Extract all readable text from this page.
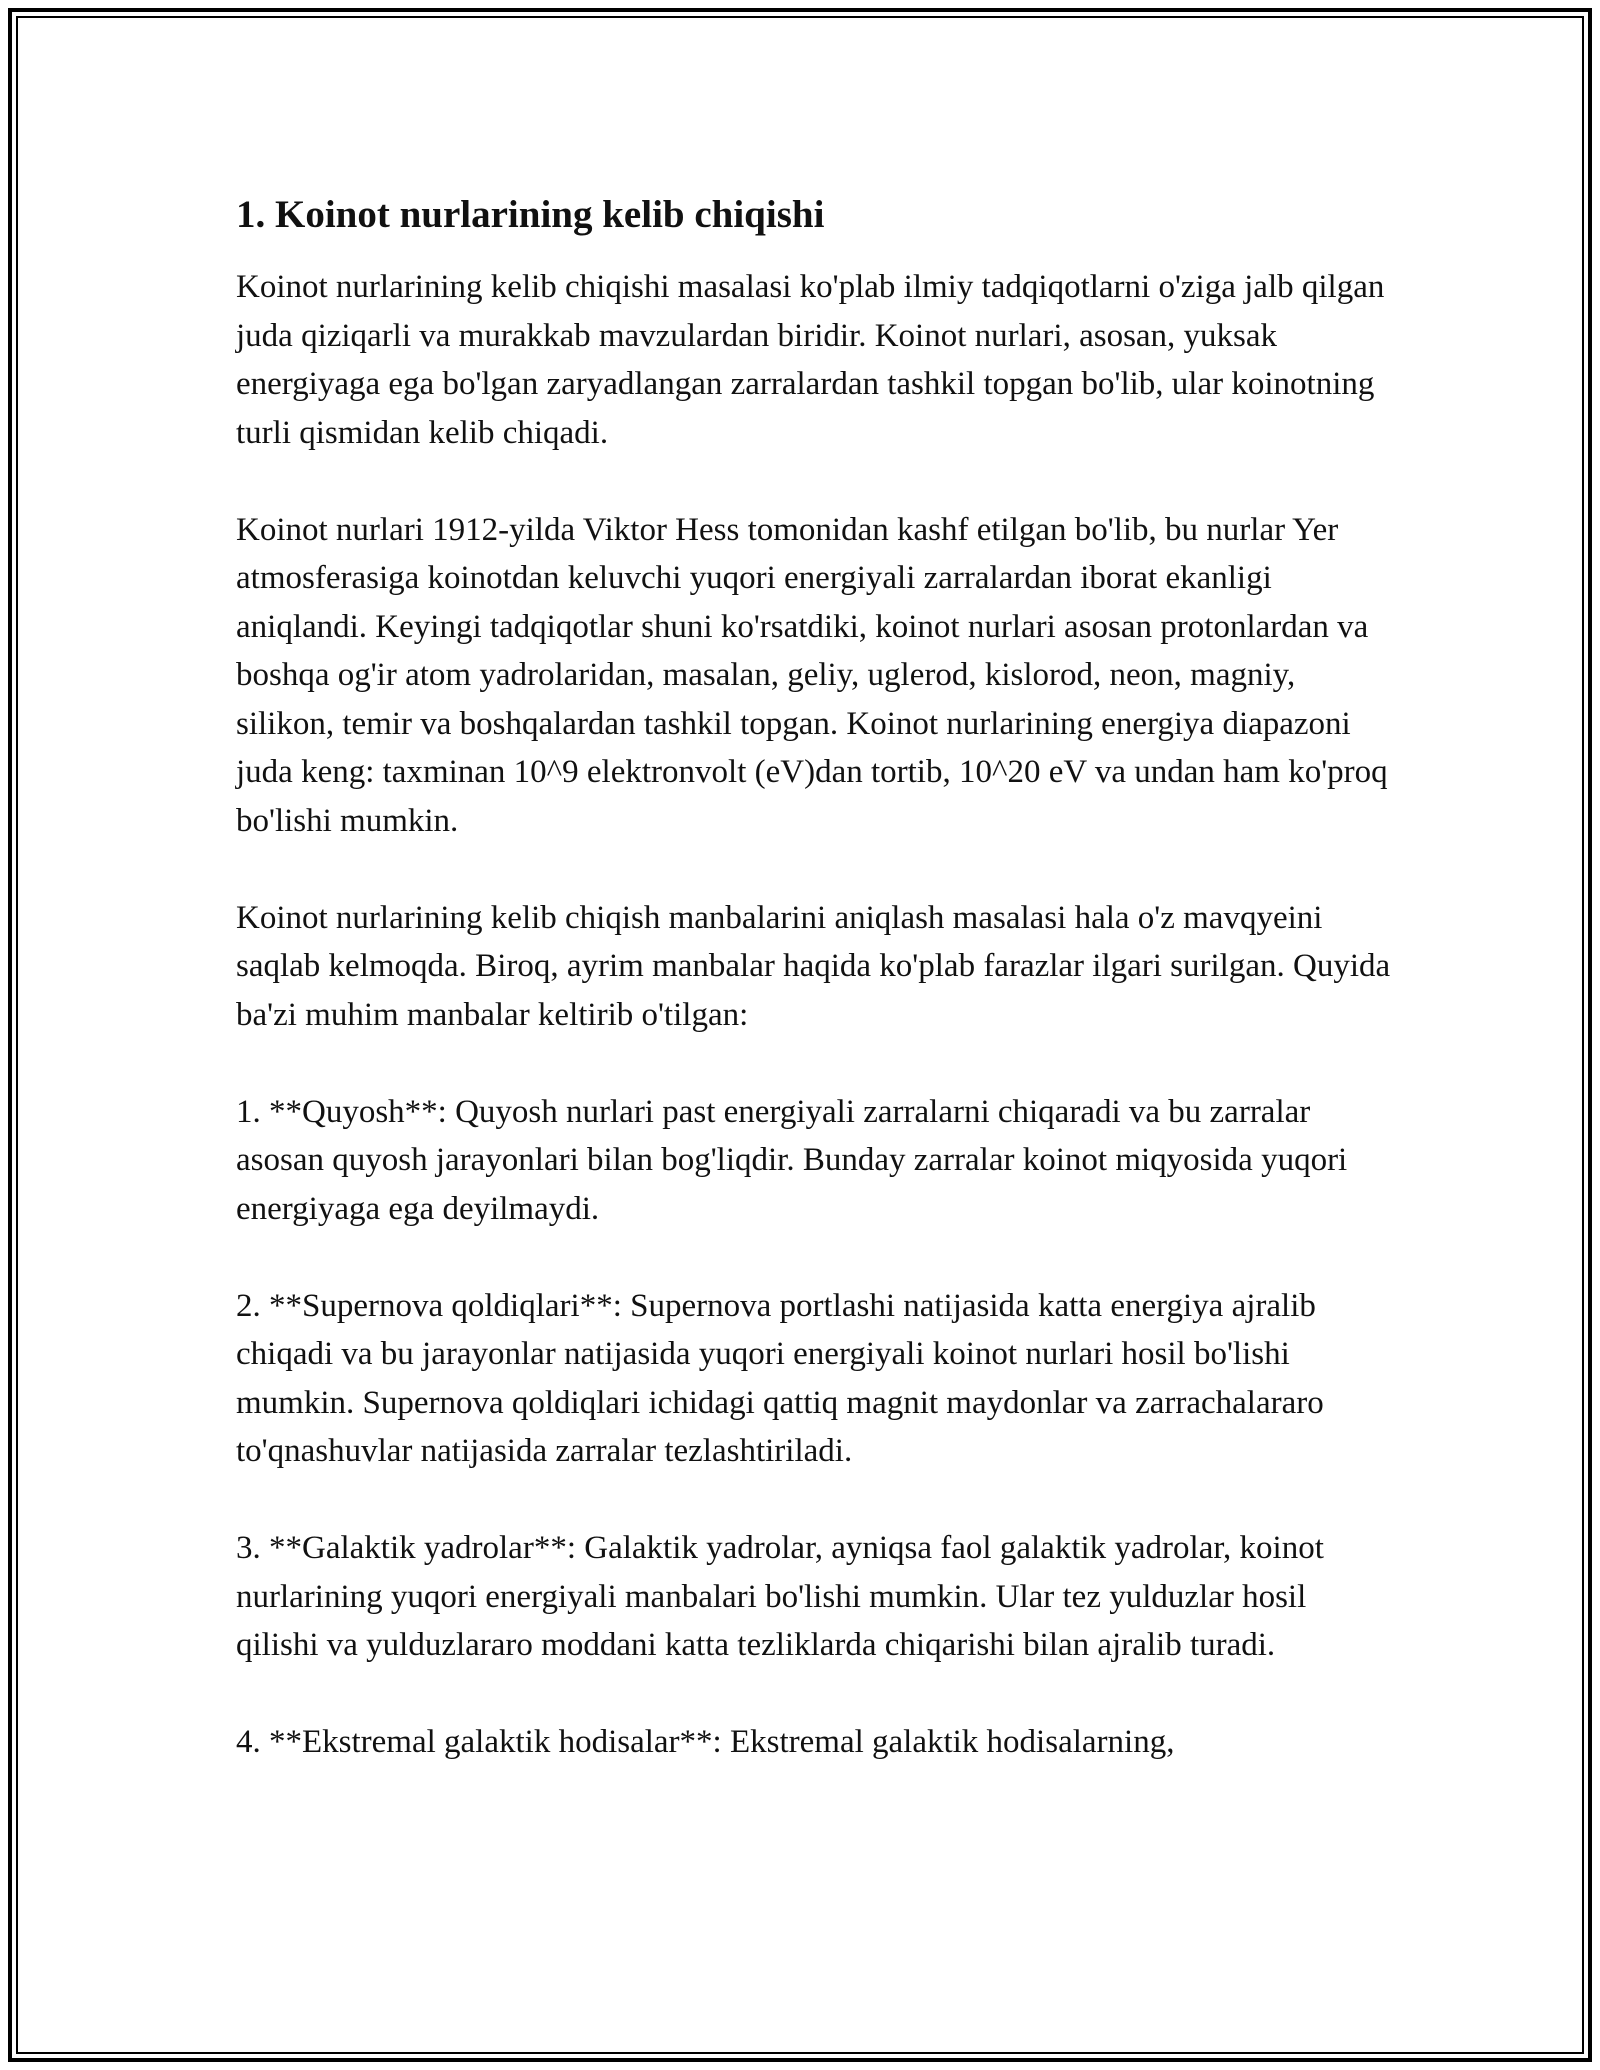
1. Koinot nurlarining kelib chiqishi

Koinot nurlarining kelib chiqishi masalasi ko'plab ilmiy tadqiqotlarni o'ziga jalb qilgan juda qiziqarli va murakkab mavzulardan biridir. Koinot nurlari, asosan, yuksak energiyaga ega bo'lgan zaryadlangan zarralardan tashkil topgan bo'lib, ular koinotning turli qismidan kelib chiqadi.

Koinot nurlari 1912-yilda Viktor Hess tomonidan kashf etilgan bo'lib, bu nurlar Yer atmosferasiga koinotdan keluvchi yuqori energiyali zarralardan iborat ekanligi aniqlandi. Keyingi tadqiqotlar shuni ko'rsatdiki, koinot nurlari asosan protonlardan va boshqa og'ir atom yadrolaridan, masalan, geliy, uglerod, kislorod, neon, magniy, silikon, temir va boshqalardan tashkil topgan. Koinot nurlarining energiya diapazoni juda keng: taxminan 10^9 elektronvolt (eV)dan tortib, 10^20 eV va undan ham ko'proq bo'lishi mumkin.

Koinot nurlarining kelib chiqish manbalarini aniqlash masalasi hala o'z mavqyeini saqlab kelmoqda. Biroq, ayrim manbalar haqida ko'plab farazlar ilgari surilgan. Quyida ba'zi muhim manbalar keltirib o'tilgan:

1. **Quyosh**: Quyosh nurlari past energiyali zarralarni chiqaradi va bu zarralar asosan quyosh jarayonlari bilan bog'liqdir. Bunday zarralar koinot miqyosida yuqori energiyaga ega deyilmaydi.

2. **Supernova qoldiqlari**: Supernova portlashi natijasida katta energiya ajralib chiqadi va bu jarayonlar natijasida yuqori energiyali koinot nurlari hosil bo'lishi mumkin. Supernova qoldiqlari ichidagi qattiq magnit maydonlar va zarrachalararo to'qnashuvlar natijasida zarralar tezlashtiriladi.

3. **Galaktik yadrolar**: Galaktik yadrolar, ayniqsa faol galaktik yadrolar, koinot nurlarining yuqori energiyali manbalari bo'lishi mumkin. Ular tez yulduzlar hosil qilishi va yulduzlararo moddani katta tezliklarda chiqarishi bilan ajralib turadi.

4. **Ekstremal galaktik hodisalar**: Ekstremal galaktik hodisalarning,
